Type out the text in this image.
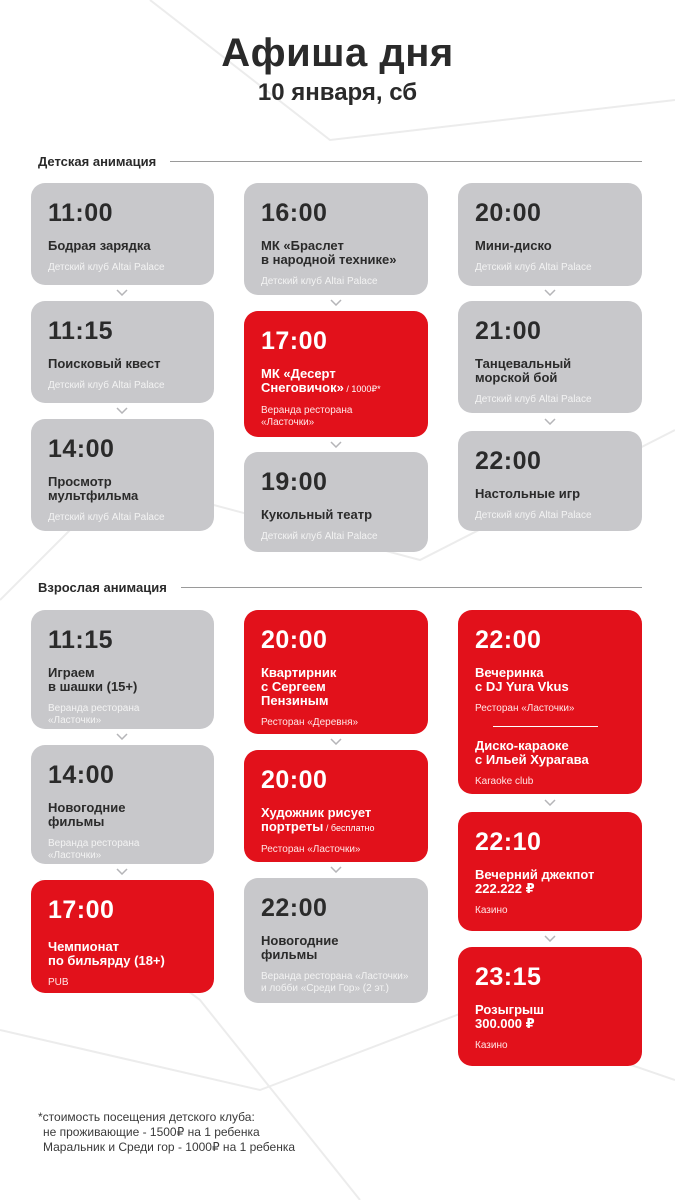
Афиша дня
10 января, сб
Детская анимация
11:00
Бодрая зарядка
Детский клуб Altai Palace
11:15
Поисковый квест
Детский клуб Altai Palace
14:00
Просмотр
мультфильма
Детский клуб Altai Palace
16:00
МК «Браслет
в народной технике»
Детский клуб Altai Palace
17:00
МК «Десерт
Снеговичок» / 1000₽*
Веранда ресторана
«Ласточки»
19:00
Кукольный театр
Детский клуб Altai Palace
20:00
Мини-диско
Детский клуб Altai Palace
21:00
Танцевальный
морской бой
Детский клуб Altai Palace
22:00
Настольные игр
Детский клуб Altai Palace
Взрослая анимация
11:15
Играем
в шашки (15+)
Веранда ресторана
«Ласточки»
14:00
Новогодние
фильмы
Веранда ресторана
«Ласточки»
17:00
Чемпионат
по бильярду (18+)
PUB
20:00
Квартирник
с Сергеем
Пензиным
Ресторан «Деревня»
20:00
Художник рисует
портреты / бесплатно
Ресторан «Ласточки»
22:00
Новогодние
фильмы
Веранда ресторана «Ласточки»
и лобби «Среди Гор» (2 эт.)
22:00
Вечеринка
с DJ Yura Vkus
Ресторан «Ласточки»
Диско-караоке
с Ильей Хурагава
Karaoke club
22:10
Вечерний джекпот
222.222 ₽
Казино
23:15
Розыгрыш
300.000 ₽
Казино
*стоимость посещения детского клуба:
не проживающие - 1500₽ на 1 ребенка
Маральник и Среди гор - 1000₽ на 1 ребенка
